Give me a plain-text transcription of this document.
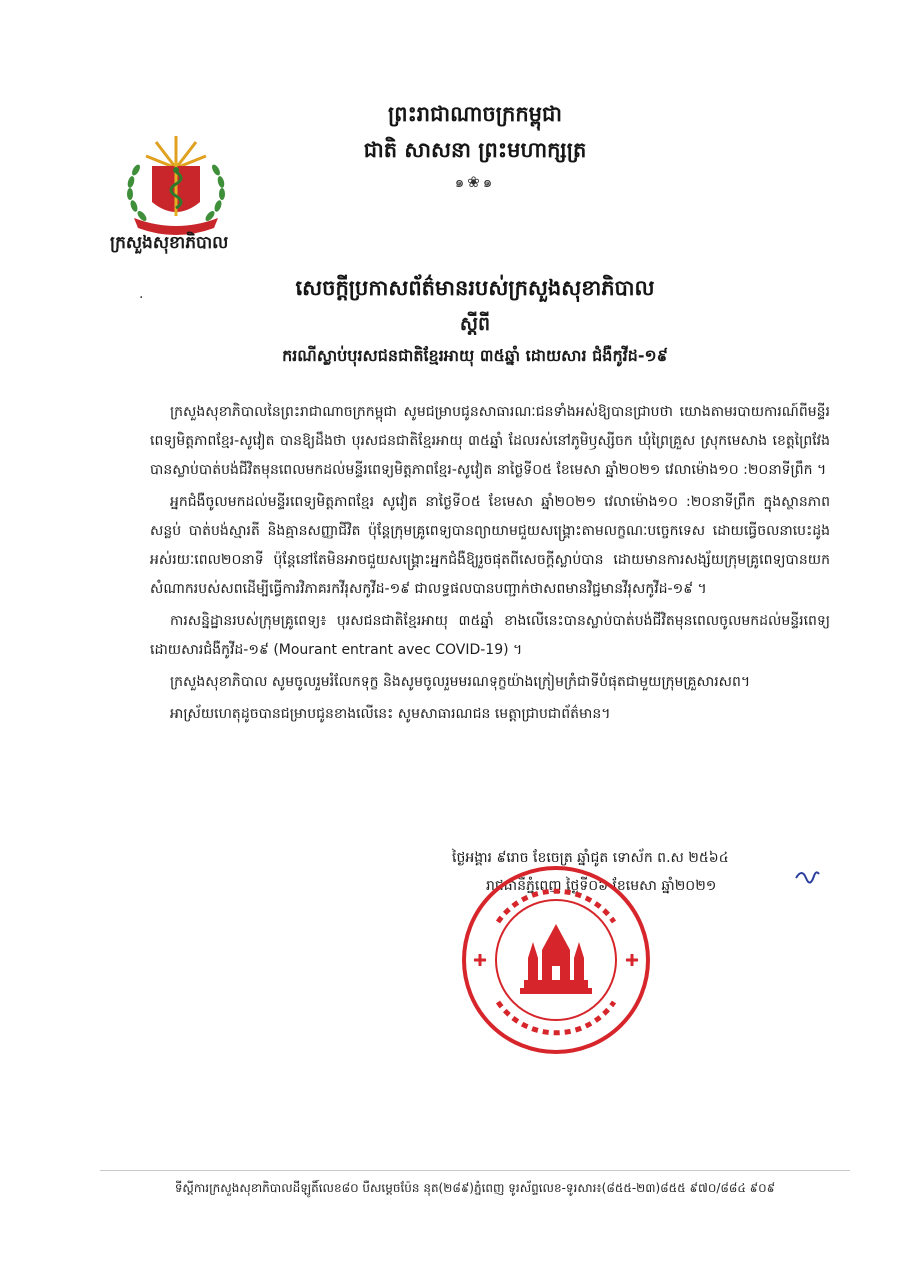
ក្រសួងសុខាភិបាល
ព្រះរាជាណាចក្រកម្ពុជា
ជាតិ សាសនា ព្រះមហាក្សត្រ
๑❀๑
·	សេចក្ដីប្រកាសព័ត៌មានរបស់ក្រសួងសុខាភិបាល
ស្ដីពី
ករណីស្លាប់បុរសជនជាតិខ្មែរអាយុ ៣៥ឆ្នាំ ដោយសារ ជំងឺកូវីដ-១៩

ក្រសួងសុខាភិបាលនៃព្រះរាជាណាចក្រកម្ពុជា សូមជម្រាបជូនសាធារណៈជនទាំងអស់ឱ្យបានជ្រាបថា យោងតាមរបាយការណ៍ពីមន្ទីរពេទ្យមិត្តភាពខ្មែរ-សូវៀត បានឱ្យដឹងថា បុរសជនជាតិខ្មែរអាយុ ៣៥ឆ្នាំ ដែលរស់នៅភូមិឫស្សីចក ឃុំព្រៃគ្រួស ស្រុកមេសាង ខេត្តព្រៃវែង បានស្លាប់បាត់បង់ជីវិតមុនពេលមកដល់មន្ទីរពេទ្យមិត្តភាពខ្មែរ-សូវៀត នាថ្ងៃទី០៥ ខែមេសា ឆ្នាំ២០២១ វេលាម៉ោង១០ :២០នាទីព្រឹក ។

អ្នកជំងឺចូលមកដល់មន្ទីរពេទ្យមិត្តភាពខ្មែរ សូវៀត នាថ្ងៃទី០៥ ខែមេសា ឆ្នាំ២០២១ វេលាម៉ោង១០ :២០នាទីព្រឹក ក្នុងស្ថានភាពសន្លប់ បាត់បង់ស្មារតី និងគ្មានសញ្ញាជីវិត ប៉ុន្តែក្រុមគ្រូពេទ្យបានព្យាយាមជួយសង្គ្រោះតាមលក្ខណៈបច្ចេកទេស ដោយធ្វើចលនាបេះដូងអស់រយៈពេល២០នាទី ប៉ុន្តែនៅតែមិនអាចជួយសង្គ្រោះអ្នកជំងឺឱ្យរួចផុតពីសេចក្ដីស្លាប់បាន ដោយមានការសង្ស័យក្រុមគ្រូពេទ្យបានយកសំណាករបស់សពដើម្បីធ្វើការវិភាគរកវីរុសកូវីដ-១៩ ជាលទ្ធផលបានបញ្ជាក់ថាសពមានវិជ្ជមានវីរុសកូវីដ-១៩ ។

ការសន្និដ្ឋានរបស់ក្រុមគ្រូពេទ្យ៖ បុរសជនជាតិខ្មែរអាយុ ៣៥ឆ្នាំ ខាងលើនេះបានស្លាប់បាត់បង់ជីវិតមុនពេលចូលមកដល់មន្ទីរពេទ្យដោយសារជំងឺកូវីដ-១៩ (Mourant entrant avec COVID-19) ។

ក្រសួងសុខាភិបាល សូមចូលរួមរំលែកទុក្ខ និងសូមចូលរួមមរណទុក្ខយ៉ាងក្រៀមក្រំជាទីបំផុតជាមួយក្រុមគ្រួសារសព។

អាស្រ័យហេតុដូចបានជម្រាបជូនខាងលើនេះ សូមសាធារណជន មេត្តាជ្រាបជាព័ត៌មាន។

ថ្ងៃអង្គារ ៩រោច ខែចេត្រ ឆ្នាំជូត ទោស័ក ព.ស ២៥៦៤
រាជធានីភ្នំពេញ ថ្ងៃទី០៦ ខែមេសា ឆ្នាំ២០២១
ទីស្ដីការក្រសួងសុខាភិបាលដីឡូតិ៍លេខ៨០ បឺសម្ដេចប៉ែន នុត(២៨៩)ភ្នំពេញ ទូរស័ព្ទលេខ-ទូរសារ៖(៨៥៥-២៣)៨៥៥ ៩៧០/៨៨៤ ៩០៩
